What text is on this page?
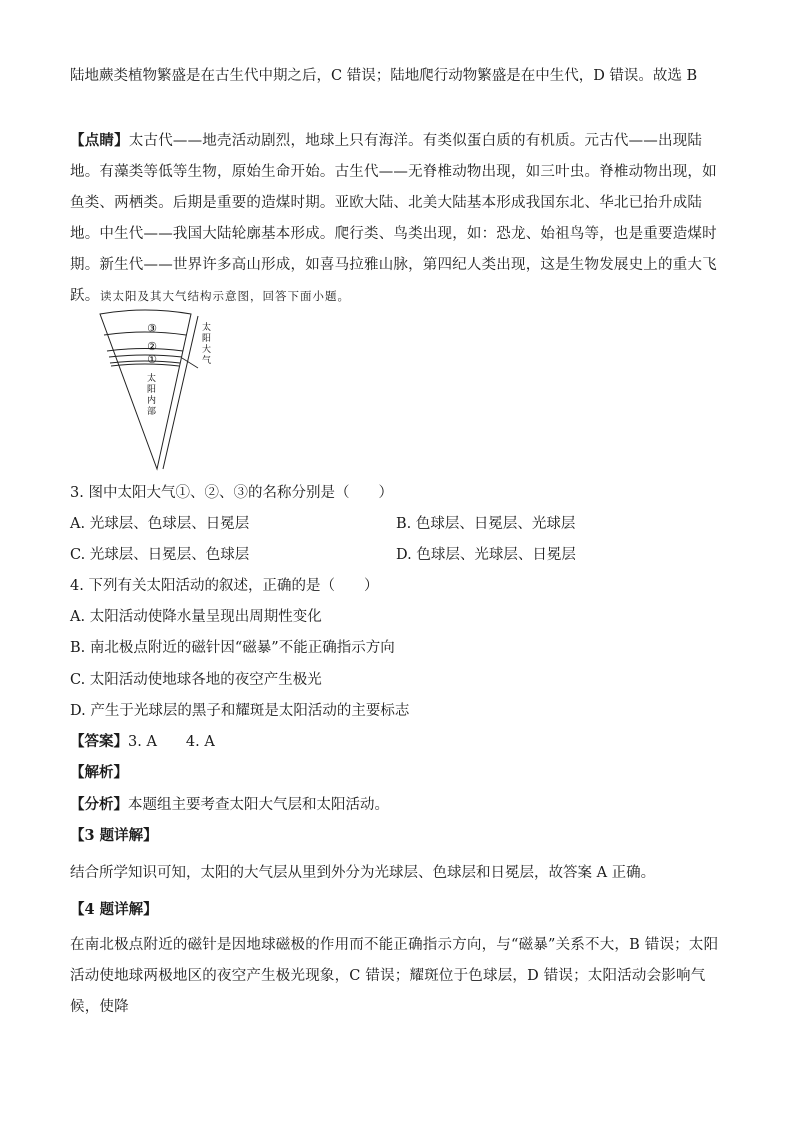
陆地蕨类植物繁盛是在古生代中期之后，C 错误；陆地爬行动物繁盛是在中生代，D 错误。故选 B
【点睛】太古代——地壳活动剧烈，地球上只有海洋。有类似蛋白质的有机质。元古代——出现陆地。有藻类等低等生物，原始生命开始。古生代——无脊椎动物出现，如三叶虫。脊椎动物出现，如鱼类、两栖类。后期是重要的造煤时期。亚欧大陆、北美大陆基本形成我国东北、华北已抬升成陆地。中生代——我国大陆轮廓基本形成。爬行类、鸟类出现，如：恐龙、始祖鸟等，也是重要造煤时期。新生代——世界许多高山形成，如喜马拉雅山脉，第四纪人类出现，这是生物发展史上的重大飞跃。 读太阳及其大气结构示意图，回答下面小题。
③
②
①
太
阳
大
气
太
阳
内
部
3. 图中太阳大气①、②、③的名称分别是（　　）
A. 光球层、色球层、日冕层	B. 色球层、日冕层、光球层
C. 光球层、日冕层、色球层	D. 色球层、光球层、日冕层
4. 下列有关太阳活动的叙述，正确的是（　　）
A. 太阳活动使降水量呈现出周期性变化
B. 南北极点附近的磁针因“磁暴”不能正确指示方向
C. 太阳活动使地球各地的夜空产生极光
D. 产生于光球层的黑子和耀斑是太阳活动的主要标志
【答案】3. A　　4. A
【解析】
【分析】本题组主要考查太阳大气层和太阳活动。
【3 题详解】
结合所学知识可知，太阳的大气层从里到外分为光球层、色球层和日冕层，故答案 A 正确。
【4 题详解】
在南北极点附近的磁针是因地球磁极的作用而不能正确指示方向，与“磁暴”关系不大，B 错误；太阳活动使地球两极地区的夜空产生极光现象，C 错误；耀斑位于色球层，D 错误；太阳活动会影响气候，使降
